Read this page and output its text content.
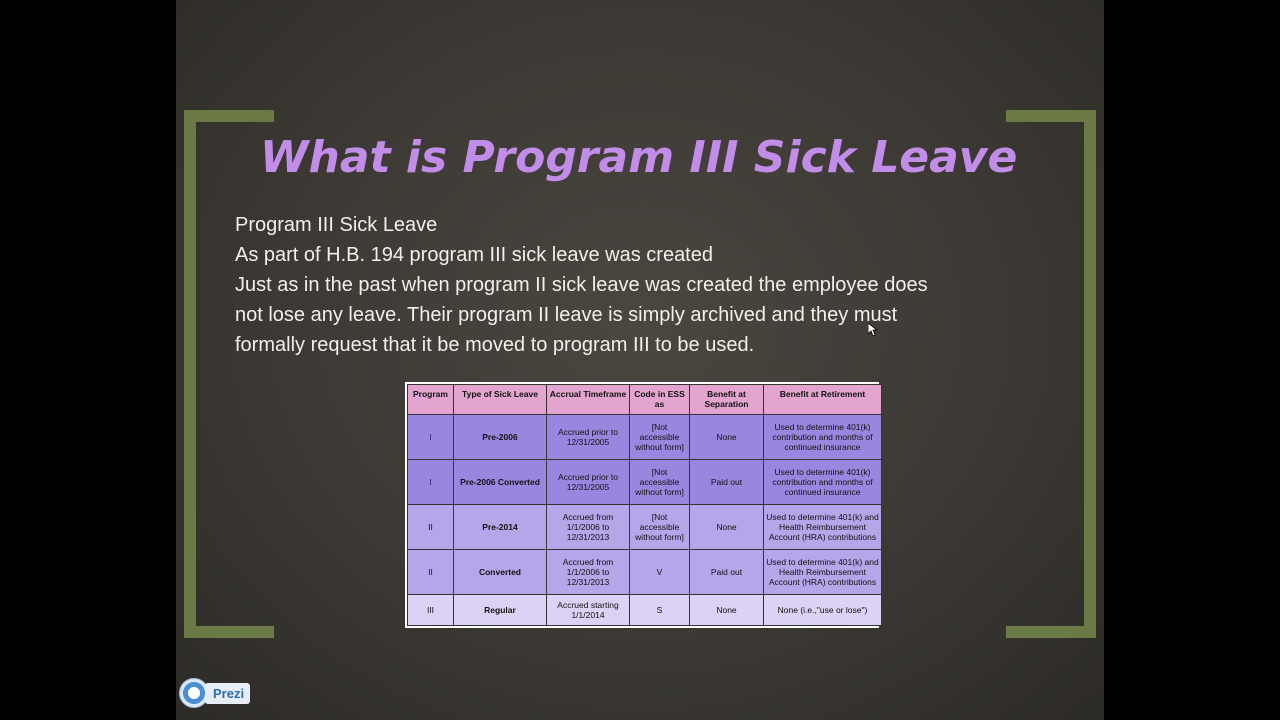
What is Program III Sick Leave
Program III Sick Leave
As part of H.B. 194 program III sick leave was created
Just as in the past when program II sick leave was created the employee does
not lose any leave. Their program II leave is simply archived and they must
formally request that it be moved to program III to be used.
Program	Type of Sick Leave	Accrual Timeframe	Code in ESS as	Benefit at Separation	Benefit at Retirement
I	Pre-2006	Accrued prior to 12/31/2005	[Not accessible without form]	None	Used to determine 401(k) contribution and months of continued insurance
I	Pre-2006 Converted	Accrued prior to 12/31/2005	[Not accessible without form]	Paid out	Used to determine 401(k) contribution and months of continued insurance
II	Pre-2014	Accrued from 1/1/2006 to 12/31/2013	[Not accessible without form]	None	Used to determine 401(k) and Health Reimbursement Account (HRA) contributions
II	Converted	Accrued from 1/1/2006 to 12/31/2013	V	Paid out	Used to determine 401(k) and Health Reimbursement Account (HRA) contributions
III	Regular	Accrued starting 1/1/2014	S	None	None (i.e.,"use or lose")
Prezi
